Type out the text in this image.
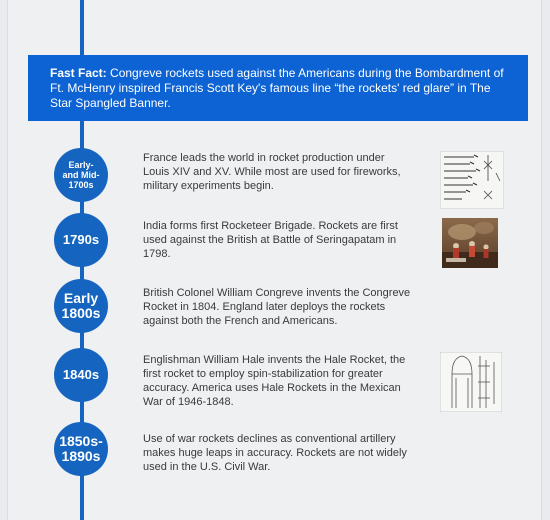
Fast Fact: Congreve rockets used against the Americans during the Bombardment of Ft. McHenry inspired Francis Scott Key's famous line “the rockets' red glare” in The Star Spangled Banner.
Early-
and Mid-
1700s
France leads the world in rocket production under Louis XIV and XV. While most are used for fireworks, military experiments begin.
1790s
India forms first Rocketeer Brigade. Rockets are first used against the British at Battle of Seringapatam in 1798.
Early
1800s
British Colonel William Congreve invents the Congreve Rocket in 1804. England later deploys the rockets against both the French and Americans.
1840s
Englishman William Hale invents the Hale Rocket, the first rocket to employ spin-stabilization for greater accuracy. America uses Hale Rockets in the Mexican War of 1946-1848.
1850s-
1890s
Use of war rockets declines as conventional artillery makes huge leaps in accuracy. Rockets are not widely used in the U.S. Civil War.
